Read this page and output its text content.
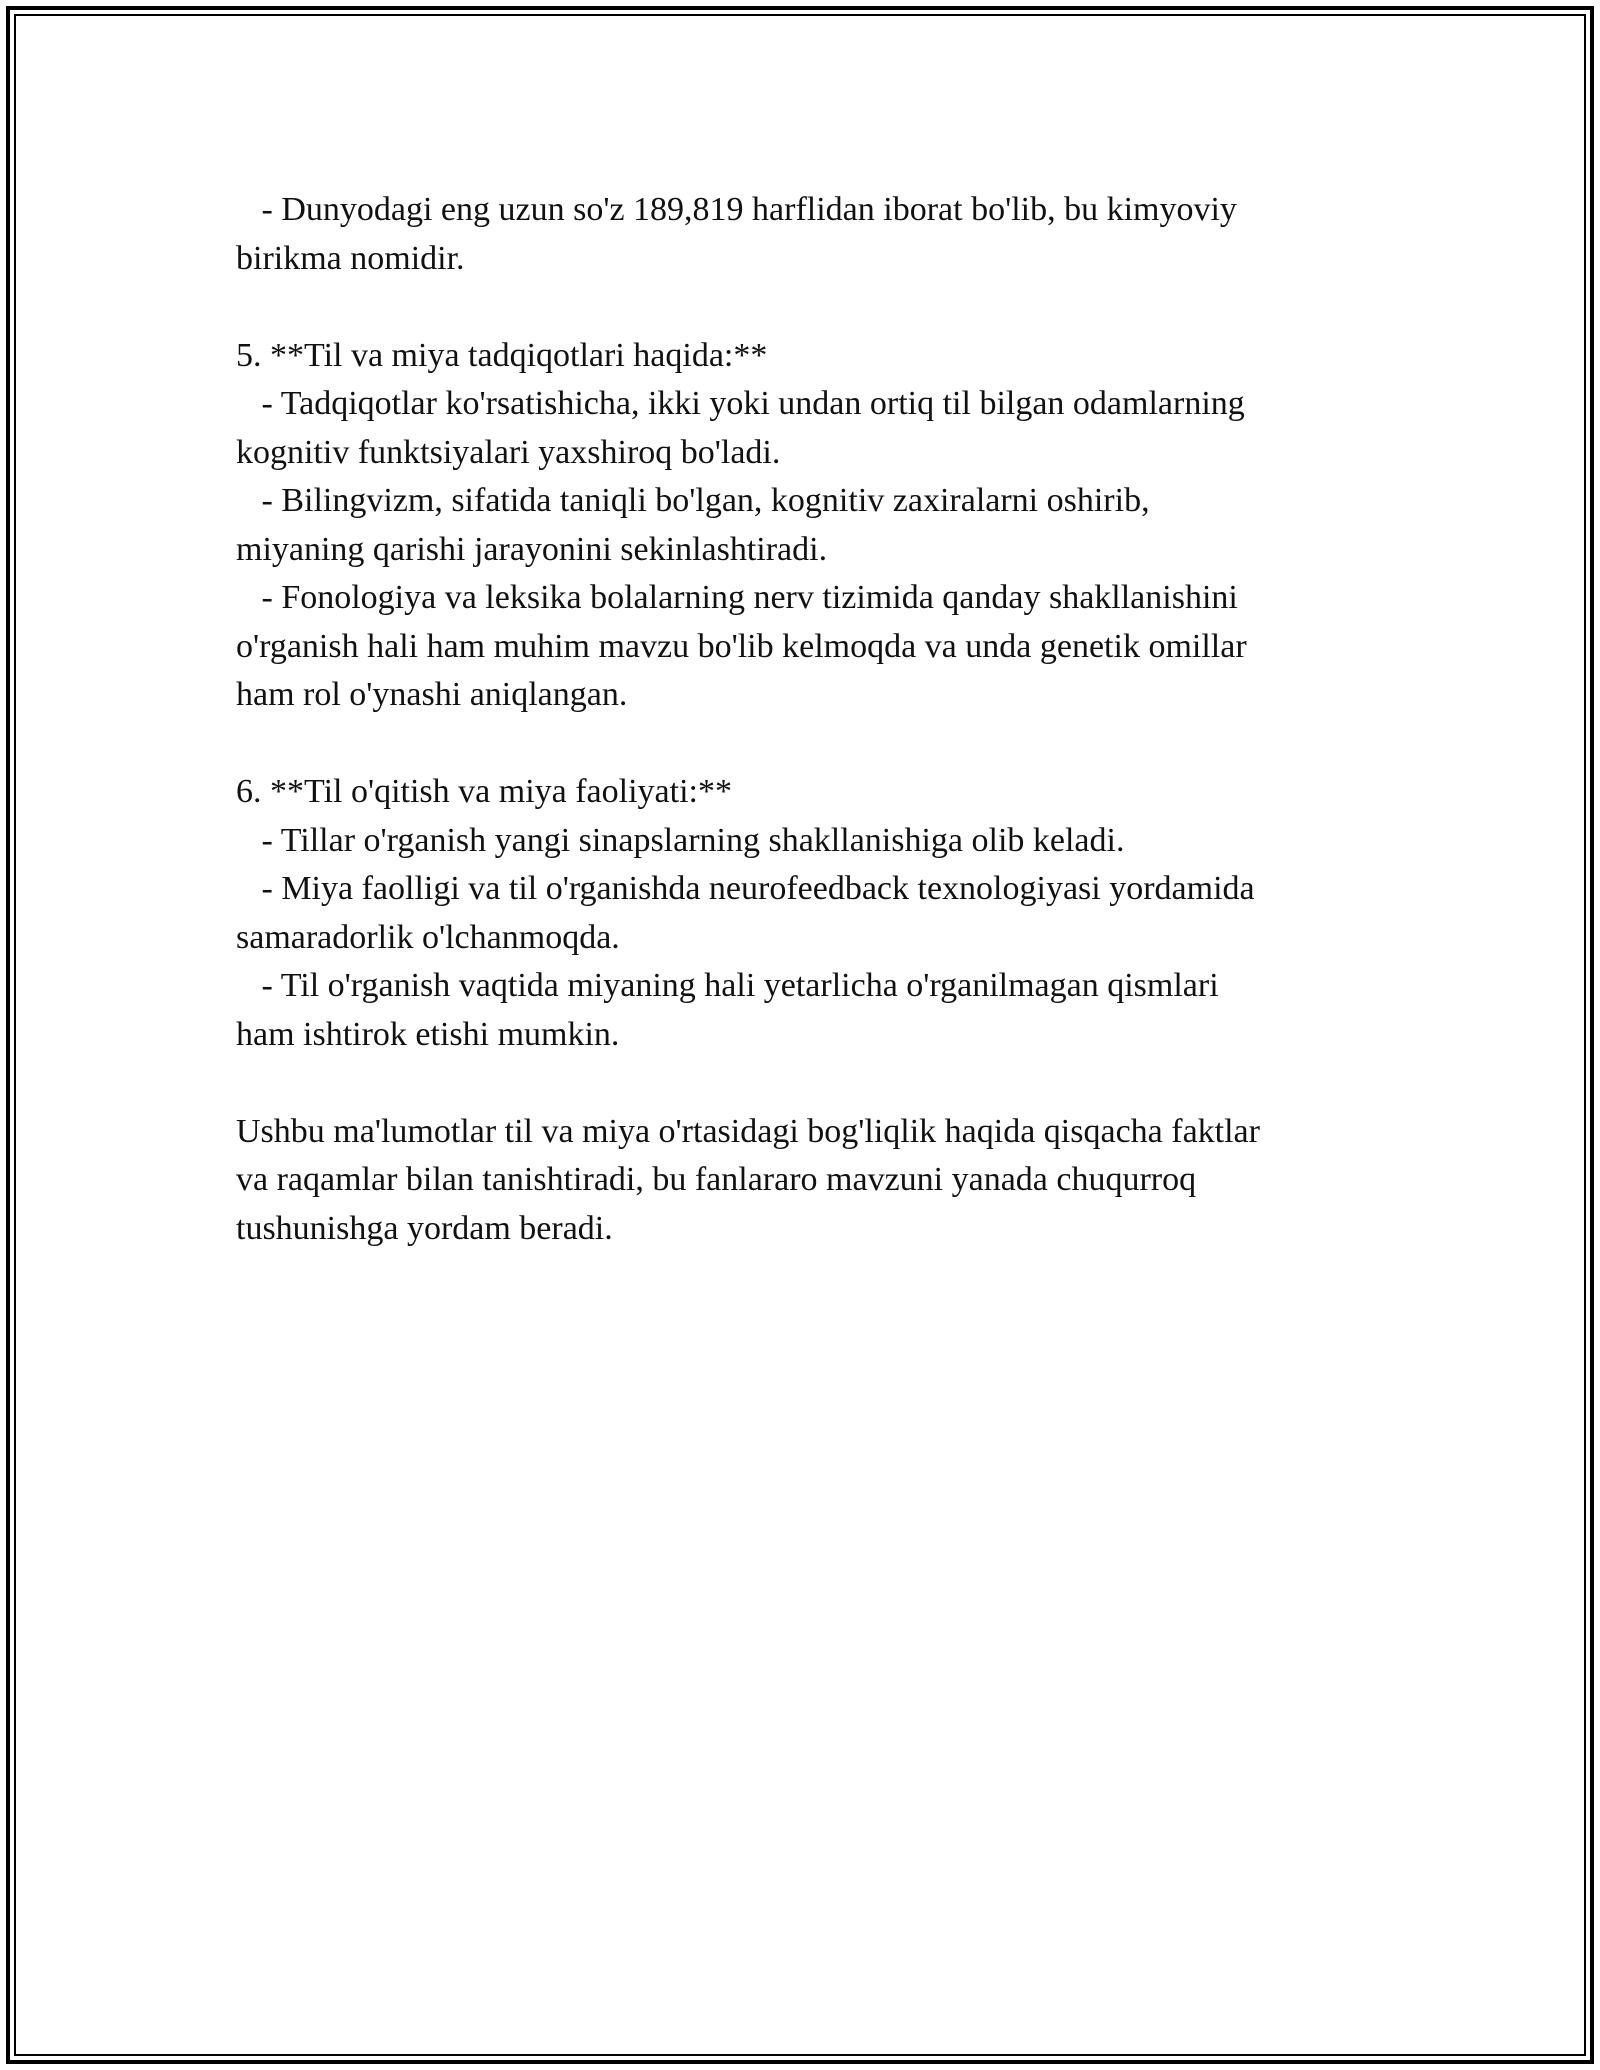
- Dunyodagi eng uzun so'z 189,819 harflidan iborat bo'lib, bu kimyoviy

birikma nomidir.

5. **Til va miya tadqiqotlari haqida:**

- Tadqiqotlar ko'rsatishicha, ikki yoki undan ortiq til bilgan odamlarning

kognitiv funktsiyalari yaxshiroq bo'ladi.

- Bilingvizm, sifatida taniqli bo'lgan, kognitiv zaxiralarni oshirib,

miyaning qarishi jarayonini sekinlashtiradi.

- Fonologiya va leksika bolalarning nerv tizimida qanday shakllanishini

o'rganish hali ham muhim mavzu bo'lib kelmoqda va unda genetik omillar

ham rol o'ynashi aniqlangan.

6. **Til o'qitish va miya faoliyati:**

- Tillar o'rganish yangi sinapslarning shakllanishiga olib keladi.

- Miya faolligi va til o'rganishda neurofeedback texnologiyasi yordamida

samaradorlik o'lchanmoqda.

- Til o'rganish vaqtida miyaning hali yetarlicha o'rganilmagan qismlari

ham ishtirok etishi mumkin.

Ushbu ma'lumotlar til va miya o'rtasidagi bog'liqlik haqida qisqacha faktlar

va raqamlar bilan tanishtiradi, bu fanlararo mavzuni yanada chuqurroq

tushunishga yordam beradi.
